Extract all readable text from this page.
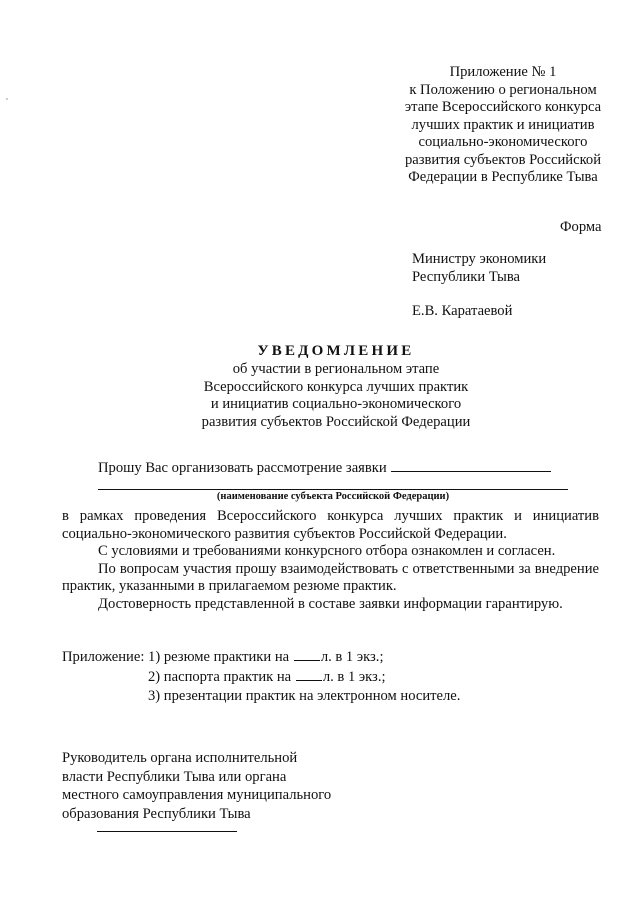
Приложение № 1
к Положению о региональном
этапе Всероссийского конкурса
лучших практик и инициатив
социально-экономического
развития субъектов Российской
Федерации в Республике Тыва
Форма
Министру экономики
Республики Тыва
Е.В. Каратаевой
УВЕДОМЛЕНИЕ
об участии в региональном этапе
Всероссийского конкурса лучших практик
и инициатив социально-экономического
развития субъектов Российской Федерации
Прошу Вас организовать рассмотрение заявки
(наименование субъекта Российской Федерации)

в рамках проведения Всероссийского конкурса лучших практик и инициатив социально-экономического развития субъектов Российской Федерации.

С условиями и требованиями конкурсного отбора ознакомлен и согласен.

По вопросам участия прошу взаимодействовать с ответственными за внедрение практик, указанными в прилагаемом резюме практик.

Достоверность представленной в составе заявки информации гарантирую.

Приложение: 1) резюме практики на л. в 1 экз.;
2) паспорта практик на л. в 1 экз.;
3) презентации практик на электронном носителе.
Руководитель органа исполнительной
власти Республики Тыва или органа
местного самоуправления муниципального
образования Республики Тыва
